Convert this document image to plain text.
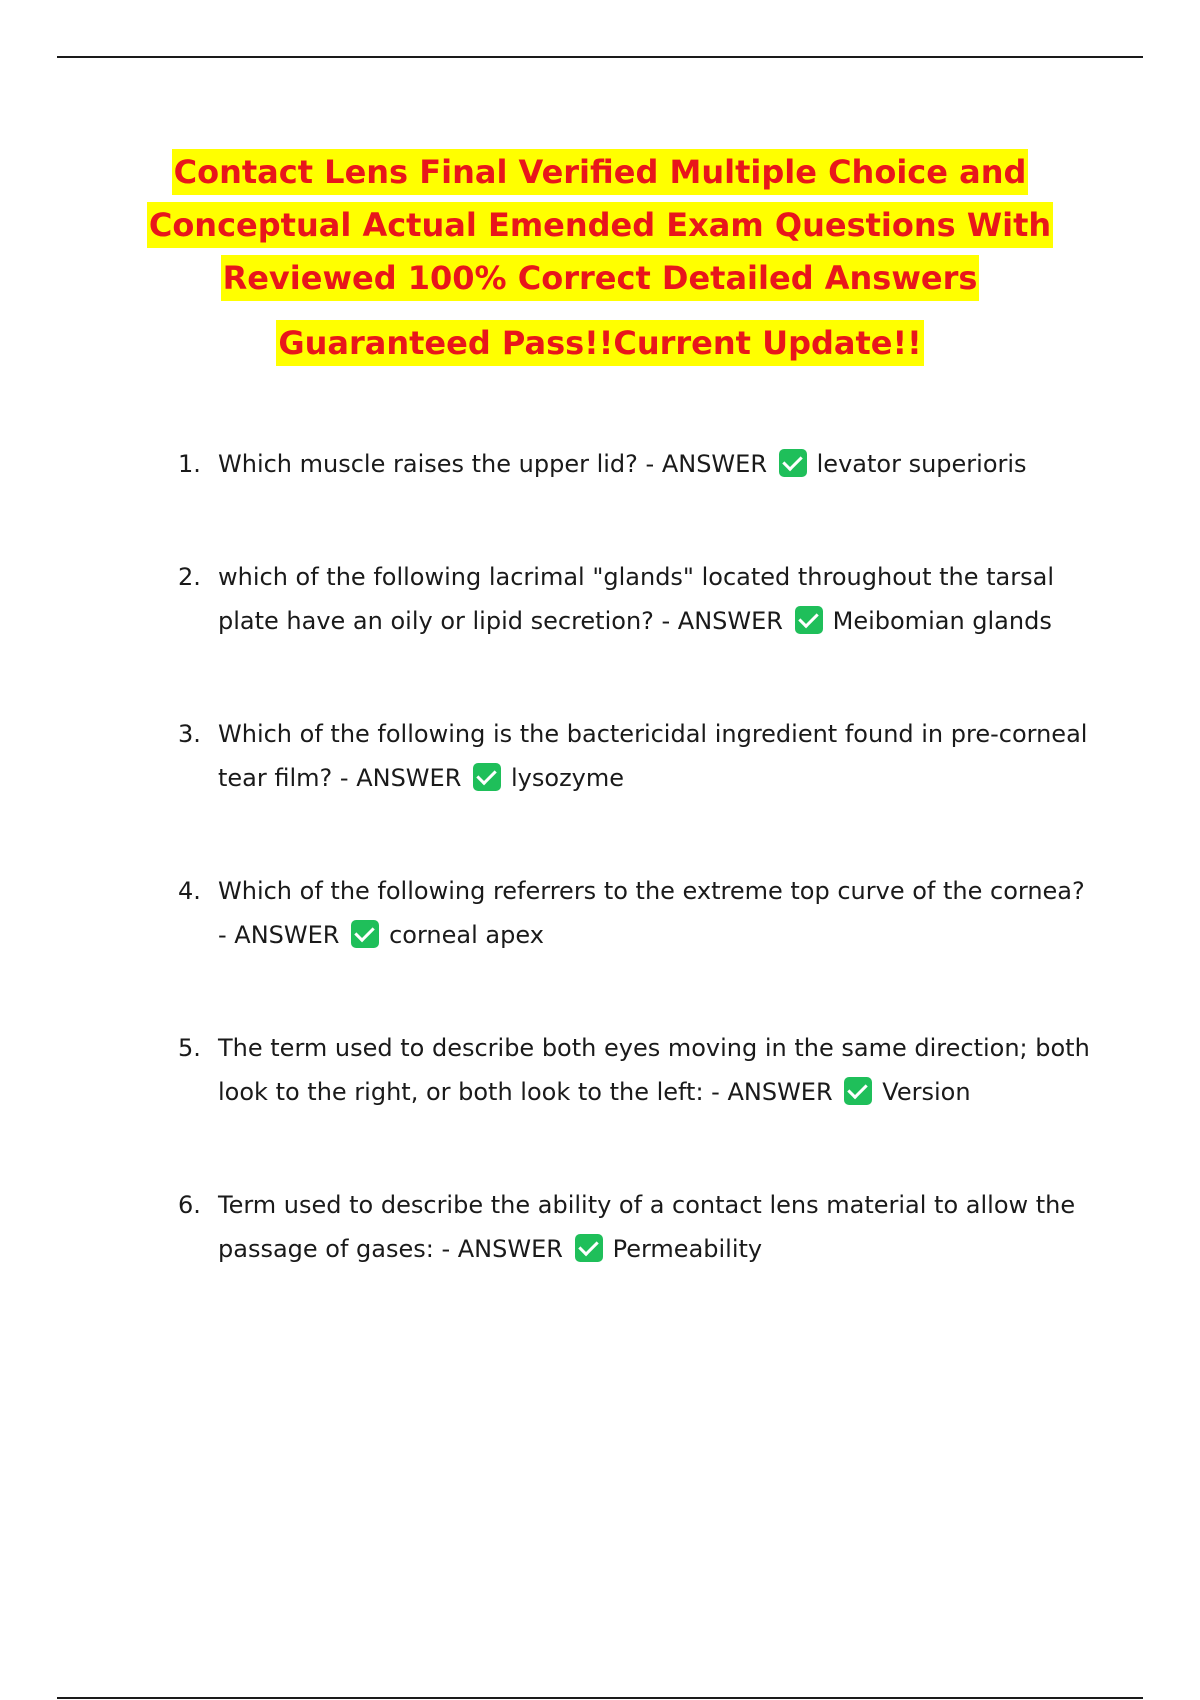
Contact Lens Final Verified Multiple Choice and
Conceptual Actual Emended Exam Questions With
Reviewed 100% Correct Detailed Answers
Guaranteed Pass!!Current Update!!
1. Which muscle raises the upper lid? - ANSWER levator superioris
2. which of the following lacrimal "glands" located throughout the tarsal plate have an oily or lipid secretion? - ANSWER Meibomian glands
3. Which of the following is the bactericidal ingredient found in pre-corneal tear film? - ANSWER lysozyme
4. Which of the following referrers to the extreme top curve of the cornea? - ANSWER corneal apex
5. The term used to describe both eyes moving in the same direction; both look to the right, or both look to the left: - ANSWER Version
6. Term used to describe the ability of a contact lens material to allow the passage of gases: - ANSWER Permeability
